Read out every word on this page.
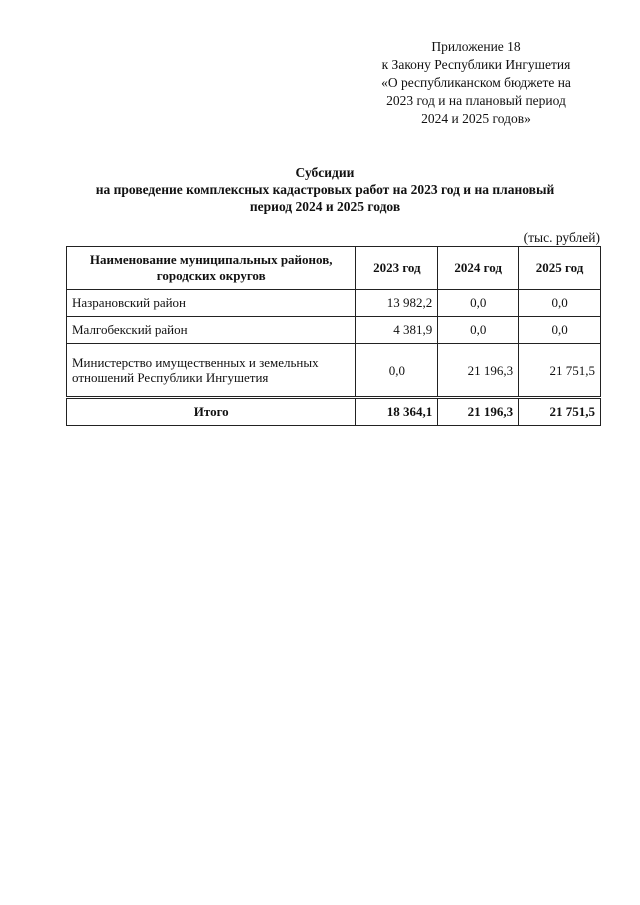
Приложение 18
к Закону Республики Ингушетия
«О республиканском бюджете на
2023 год и на плановый период
2024 и 2025 годов»
Субсидии
на проведение комплексных кадастровых работ на 2023 год и на плановый
период 2024 и 2025 годов
(тыс. рублей)
Наименование муниципальных районов, городских округов	2023 год	2024 год	2025 год
Назрановский район	13 982,2	0,0	0,0
Малгобекский район	4 381,9	0,0	0,0
Министерство имущественных и земельных отношений Республики Ингушетия	0,0	21 196,3	21 751,5
Итого	18 364,1	21 196,3	21 751,5
